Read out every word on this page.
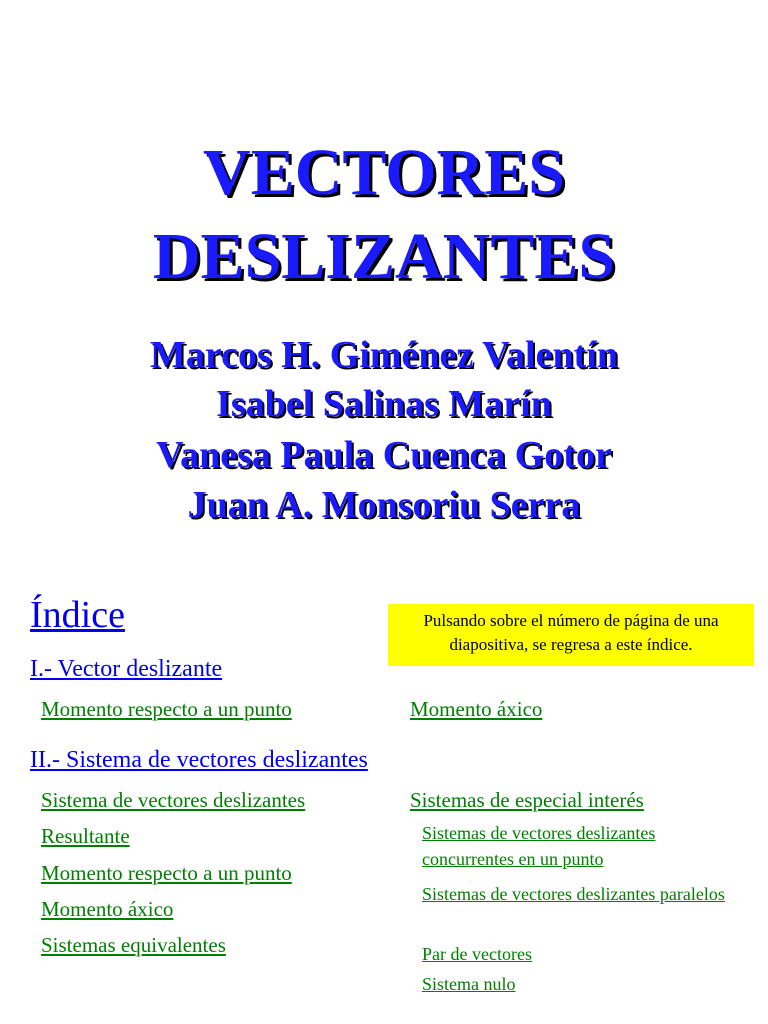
VECTORES
DESLIZANTES
Marcos H. Giménez Valentín
Isabel Salinas Marín
Vanesa Paula Cuenca Gotor
Juan A. Monsoriu Serra
Índice	Pulsando sobre el número de página de una diapositiva, se regresa a este índice.
I.- Vector deslizante
Momento respecto a un punto	Momento áxico
II.- Sistema de vectores deslizantes
Sistema de vectores deslizantes
Resultante
Momento respecto a un punto
Momento áxico
Sistemas equivalentes
Sistemas de especial interés
Sistemas de vectores deslizantes concurrentes en un punto
Sistemas de vectores deslizantes paralelos
Par de vectores
Sistema nulo
